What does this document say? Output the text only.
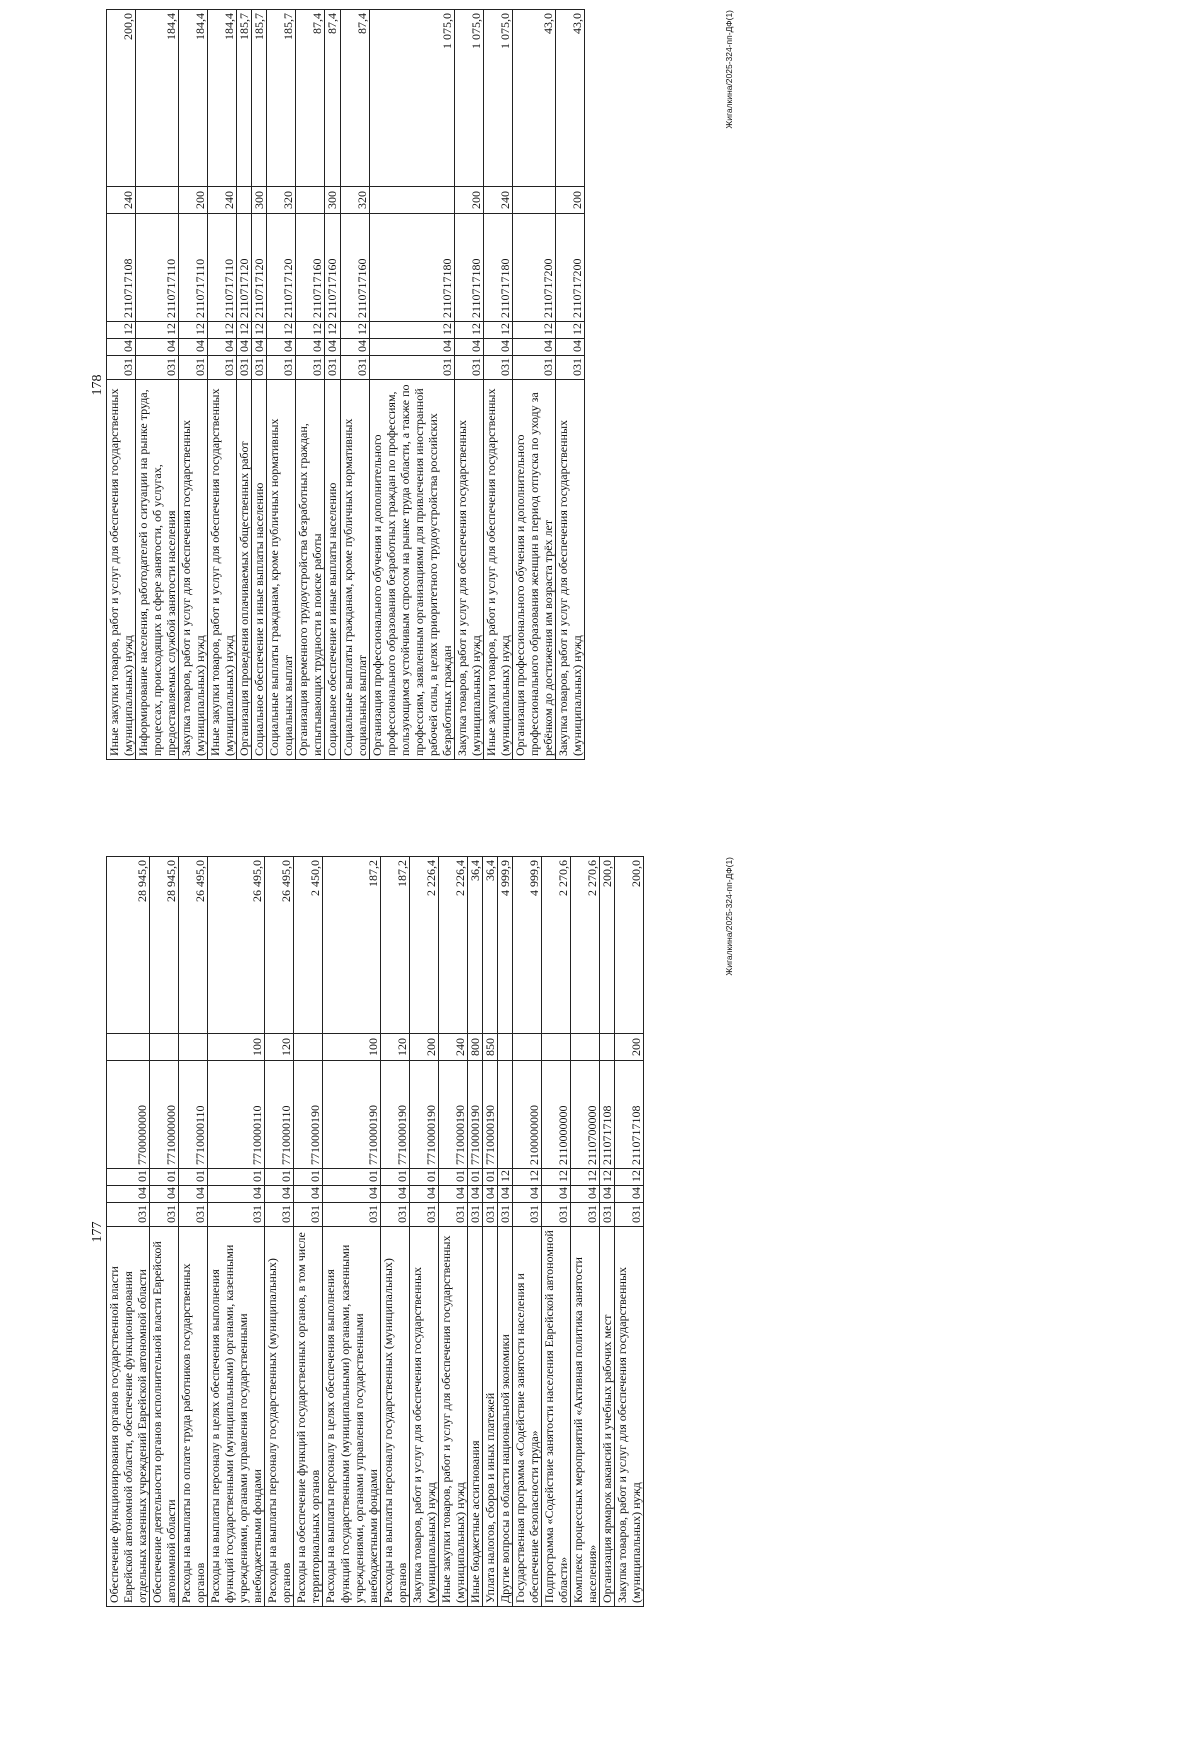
177
Обеспечение функционирования органов государственной власти Еврейской автономной области, обеспечение функционирования отдельных казенных учреждений Еврейской автономной области	031	04	01	7700000000		28 945,0
Обеспечение деятельности органов исполнительной власти Еврейской автономной области	031	04	01	7710000000		28 945,0
Расходы на выплаты по оплате труда работников государственных органов	031	04	01	7710000110		26 495,0
Расходы на выплаты персоналу в целях обеспечения выполнения функций государственными (муниципальными) органами, казенными учреждениями, органами управления государственными внебюджетными фондами	031	04	01	7710000110	100	26 495,0
Расходы на выплаты персоналу государственных (муниципальных) органов	031	04	01	7710000110	120	26 495,0
Расходы на обеспечение функций государственных органов, в том числе территориальных органов	031	04	01	7710000190		2 450,0
Расходы на выплаты персоналу в целях обеспечения выполнения функций государственными (муниципальными) органами, казенными учреждениями, органами управления государственными внебюджетными фондами	031	04	01	7710000190	100	187,2
Расходы на выплаты персоналу государственных (муниципальных) органов	031	04	01	7710000190	120	187,2
Закупка товаров, работ и услуг для обеспечения государственных (муниципальных) нужд	031	04	01	7710000190	200	2 226,4
Иные закупки товаров, работ и услуг для обеспечения государственных (муниципальных) нужд	031	04	01	7710000190	240	2 226,4
Иные бюджетные ассигнования	031	04	01	7710000190	800	36,4
Уплата налогов, сборов и иных платежей	031	04	01	7710000190	850	36,4
Другие вопросы в области национальной экономики	031	04	12			4 999,9
Государственная программа «Содействие занятости населения и обеспечение безопасности труда»	031	04	12	2100000000		4 999,9
Подпрограмма «Содействие занятости населения Еврейской автономной области»	031	04	12	2110000000		2 270,6
Комплекс процессных мероприятий «Активная политика занятости населения»	031	04	12	2110700000		2 270,6
Организация ярмарок вакансий и учебных рабочих мест	031	04	12	2110717108		200,0
Закупка товаров, работ и услуг для обеспечения государственных (муниципальных) нужд	031	04	12	2110717108	200	200,0	Жигалкина/2025-324-пп-ДФ(1)
178
Иные закупки товаров, работ и услуг для обеспечения государственных (муниципальных) нужд	031	04	12	2110717108	240	200,0
Информирование населения, работодателей о ситуации на рынке труда, процессах, происходящих в сфере занятости, об услугах, предоставляемых службой занятости населения	031	04	12	2110717110		184,4
Закупка товаров, работ и услуг для обеспечения государственных (муниципальных) нужд	031	04	12	2110717110	200	184,4
Иные закупки товаров, работ и услуг для обеспечения государственных (муниципальных) нужд	031	04	12	2110717110	240	184,4
Организация проведения оплачиваемых общественных работ	031	04	12	2110717120		185,7
Социальное обеспечение и иные выплаты населению	031	04	12	2110717120	300	185,7
Социальные выплаты гражданам, кроме публичных нормативных социальных выплат	031	04	12	2110717120	320	185,7
Организация временного трудоустройства безработных граждан, испытывающих трудности в поиске работы	031	04	12	2110717160		87,4
Социальное обеспечение и иные выплаты населению	031	04	12	2110717160	300	87,4
Социальные выплаты гражданам, кроме публичных нормативных социальных выплат	031	04	12	2110717160	320	87,4
Организация профессионального обучения и дополнительного профессионального образования безработных граждан по профессиям, пользующимся устойчивым спросом на рынке труда области, а также по профессиям, заявленным организациями для привлечения иностранной рабочей силы, в целях приоритетного трудоустройства российских безработных граждан	031	04	12	2110717180		1 075,0
Закупка товаров, работ и услуг для обеспечения государственных (муниципальных) нужд	031	04	12	2110717180	200	1 075,0
Иные закупки товаров, работ и услуг для обеспечения государственных (муниципальных) нужд	031	04	12	2110717180	240	1 075,0
Организация профессионального обучения и дополнительного профессионального образования женщин в период отпуска по уходу за ребёнком до достижения им возраста трёх лет	031	04	12	2110717200		43,0
Закупка товаров, работ и услуг для обеспечения государственных (муниципальных) нужд	031	04	12	2110717200	200	43,0	Жигалкина/2025-324-пп-ДФ(1)
